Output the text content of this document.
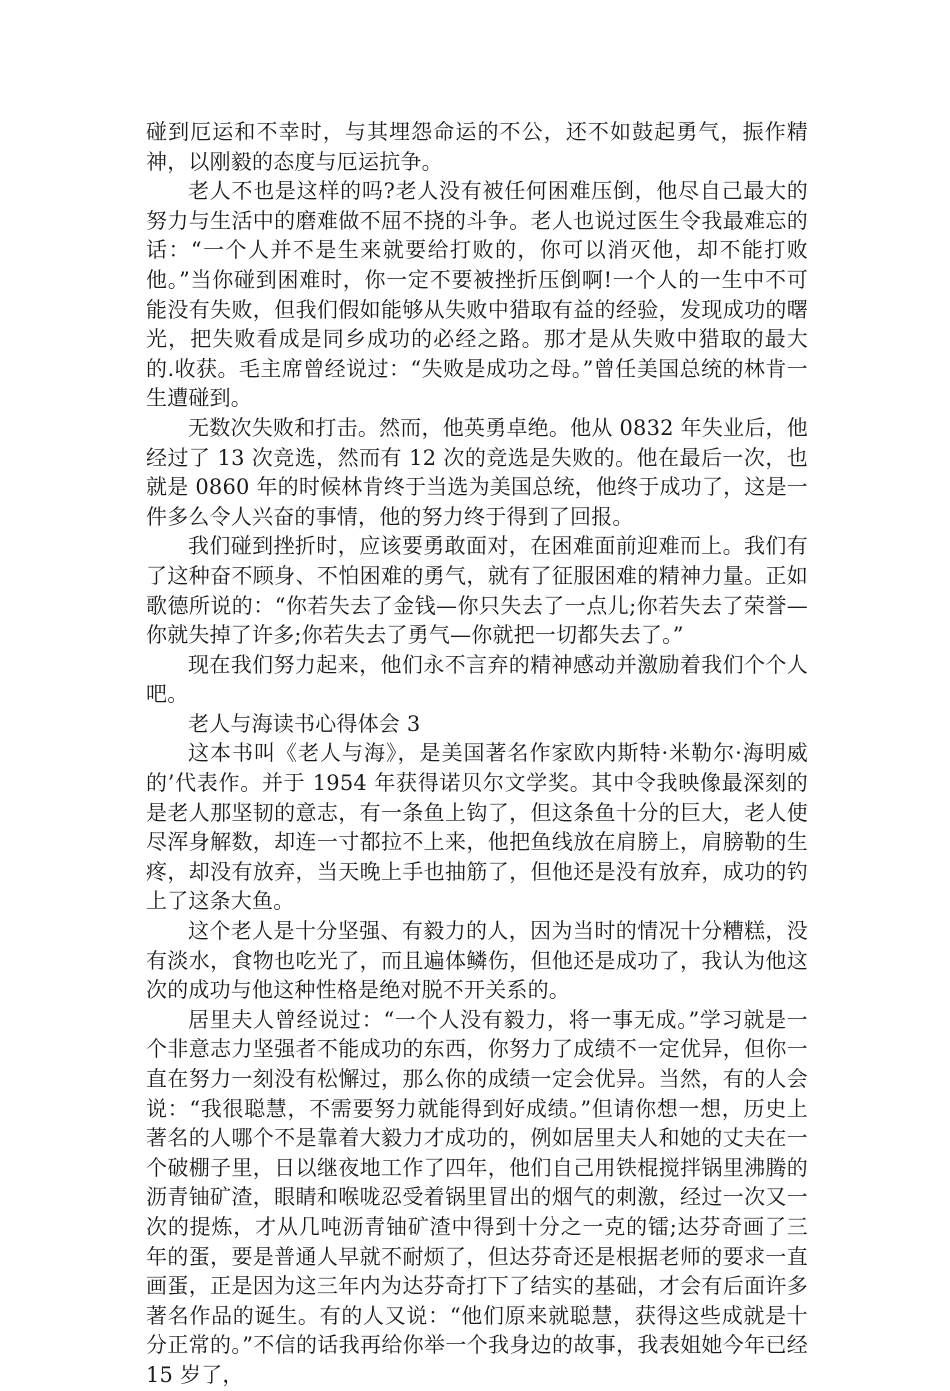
碰到厄运和不幸时，与其埋怨命运的不公，还不如鼓起勇气，振作精神，以刚毅的态度与厄运抗争。

老人不也是这样的吗?老人没有被任何困难压倒，他尽自己最大的努力与生活中的磨难做不屈不挠的斗争。老人也说过医生令我最难忘的话：“一个人并不是生来就要给打败的，你可以消灭他，却不能打败他。”当你碰到困难时，你一定不要被挫折压倒啊!一个人的一生中不可能没有失败，但我们假如能够从失败中猎取有益的经验，发现成功的曙光，把失败看成是同乡成功的必经之路。那才是从失败中猎取的最大的.收获。毛主席曾经说过：“失败是成功之母。”曾任美国总统的林肯一生遭碰到。

无数次失败和打击。然而，他英勇卓绝。他从 0832 年失业后，他经过了 13 次竞选，然而有 12 次的竞选是失败的。他在最后一次，也就是 0860 年的时候林肯终于当选为美国总统，他终于成功了，这是一件多么令人兴奋的事情，他的努力终于得到了回报。

我们碰到挫折时，应该要勇敢面对，在困难面前迎难而上。我们有了这种奋不顾身、不怕困难的勇气，就有了征服困难的精神力量。正如歌德所说的：“你若失去了金钱—你只失去了一点儿;你若失去了荣誉—你就失掉了许多;你若失去了勇气—你就把一切都失去了。”

现在我们努力起来，他们永不言弃的精神感动并激励着我们个个人吧。

老人与海读书心得体会 3

这本书叫《老人与海》，是美国著名作家欧内斯特·米勒尔·海明威的’代表作。并于 1954 年获得诺贝尔文学奖。其中令我映像最深刻的是老人那坚韧的意志，有一条鱼上钩了，但这条鱼十分的巨大，老人使尽浑身解数，却连一寸都拉不上来，他把鱼线放在肩膀上，肩膀勒的生疼，却没有放弃，当天晚上手也抽筋了，但他还是没有放弃，成功的钓上了这条大鱼。

这个老人是十分坚强、有毅力的人，因为当时的情况十分糟糕，没有淡水，食物也吃光了，而且遍体鳞伤，但他还是成功了，我认为他这次的成功与他这种性格是绝对脱不开关系的。

居里夫人曾经说过：“一个人没有毅力，将一事无成。”学习就是一个非意志力坚强者不能成功的东西，你努力了成绩不一定优异，但你一直在努力一刻没有松懈过，那么你的成绩一定会优异。当然，有的人会说：“我很聪慧，不需要努力就能得到好成绩。”但请你想一想，历史上著名的人哪个不是靠着大毅力才成功的，例如居里夫人和她的丈夫在一个破棚子里，日以继夜地工作了四年，他们自己用铁棍搅拌锅里沸腾的沥青铀矿渣，眼睛和喉咙忍受着锅里冒出的烟气的刺激，经过一次又一次的提炼，才从几吨沥青铀矿渣中得到十分之一克的镭;达芬奇画了三年的蛋，要是普通人早就不耐烦了，但达芬奇还是根据老师的要求一直画蛋，正是因为这三年内为达芬奇打下了结实的基础，才会有后面许多著名作品的诞生。有的人又说：“他们原来就聪慧，获得这些成就是十分正常的。”不信的话我再给你举一个我身边的故事，我表姐她今年已经 15 岁了，
